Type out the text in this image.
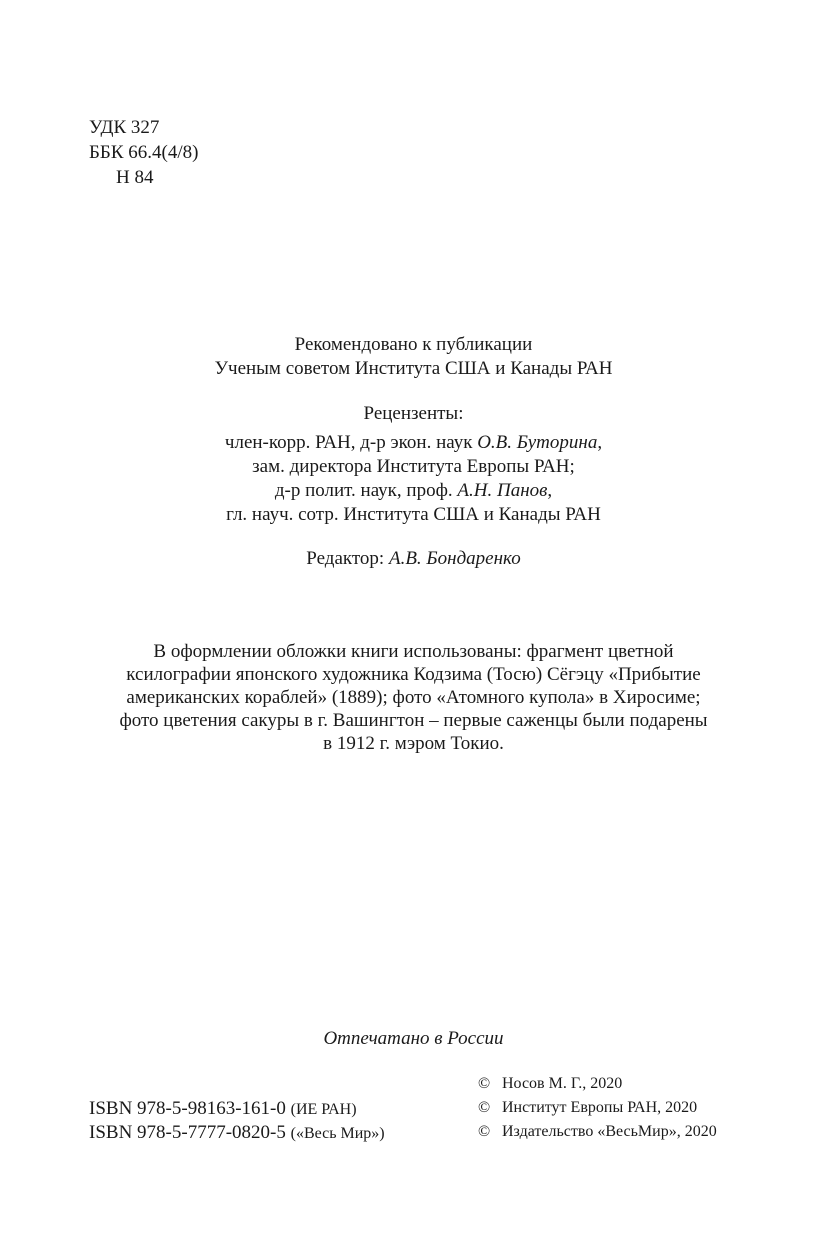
УДК 327
ББК 66.4(4/8)
Н 84
Рекомендовано к публикации
Ученым советом Института США и Канады РАН
Рецензенты:
член-корр. РАН, д-р экон. наук О.В. Буторина,
зам. директора Института Европы РАН;
д-р полит. наук, проф. А.Н. Панов,
гл. науч. сотр. Института США и Канады РАН
Редактор: А.В. Бондаренко
В оформлении обложки книги использованы: фрагмент цветной
ксилографии японского художника Кодзима (Тосю) Сёгэцу «Прибытие
американских кораблей» (1889); фото «Атомного купола» в Хиросиме;
фото цветения сакуры в г. Вашингтон – первые саженцы были подарены
в 1912 г. мэром Токио.
Отпечатано в России
ISBN 978-5-98163-161-0 (ИЕ РАН)
ISBN 978-5-7777-0820-5 («Весь Мир»)
© Носов М. Г., 2020
© Институт Европы РАН, 2020
© Издательство «ВесьМир», 2020
